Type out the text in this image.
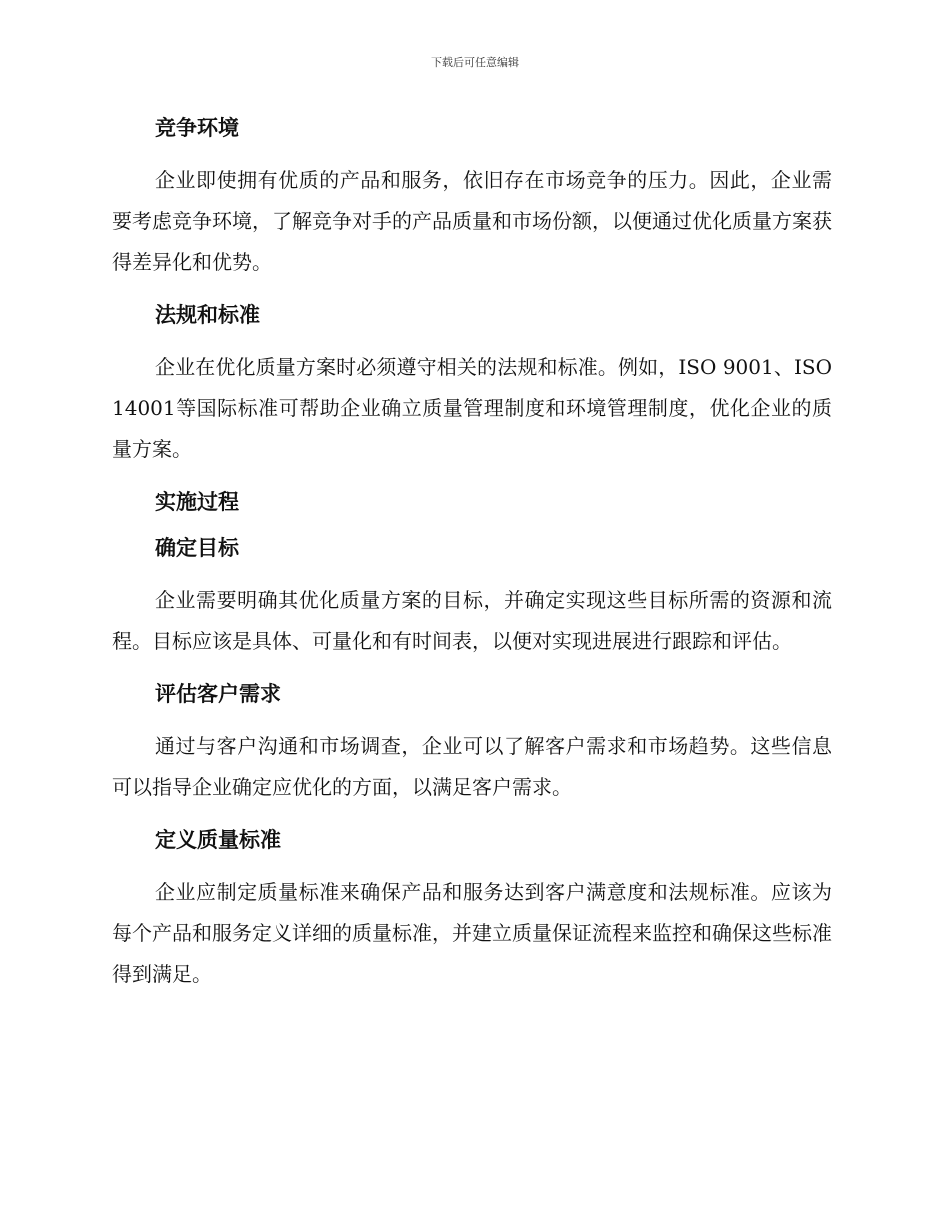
下载后可任意编辑
竞争环境
企业即使拥有优质的产品和服务，依旧存在市场竞争的压力。因此，企业需要考虑竞争环境，了解竞争对手的产品质量和市场份额，以便通过优化质量方案获得差异化和优势。
法规和标准
企业在优化质量方案时必须遵守相关的法规和标准。例如，ISO 9001、ISO 14001等国际标准可帮助企业确立质量管理制度和环境管理制度，优化企业的质量方案。
实施过程
确定目标
企业需要明确其优化质量方案的目标，并确定实现这些目标所需的资源和流程。目标应该是具体、可量化和有时间表，以便对实现进展进行跟踪和评估。
评估客户需求
通过与客户沟通和市场调查，企业可以了解客户需求和市场趋势。这些信息可以指导企业确定应优化的方面，以满足客户需求。
定义质量标准
企业应制定质量标准来确保产品和服务达到客户满意度和法规标准。应该为每个产品和服务定义详细的质量标准，并建立质量保证流程来监控和确保这些标准得到满足。
